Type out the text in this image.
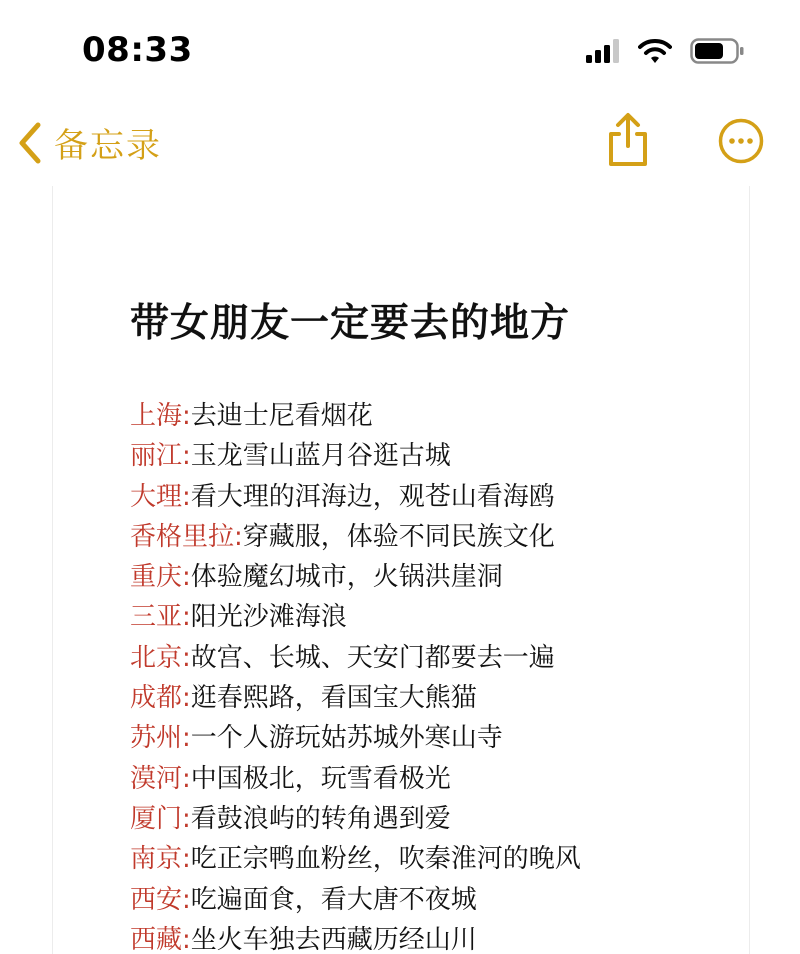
08:33
备忘录
带女朋友一定要去的地方
上海:去迪士尼看烟花
丽江:玉龙雪山蓝月谷逛古城
大理:看大理的洱海边，观苍山看海鸥
香格里拉:穿藏服，体验不同民族文化
重庆:体验魔幻城市，火锅洪崖洞
三亚:阳光沙滩海浪
北京:故宫、长城、天安门都要去一遍
成都:逛春熙路，看国宝大熊猫
苏州:一个人游玩姑苏城外寒山寺
漠河:中国极北，玩雪看极光
厦门:看鼓浪屿的转角遇到爱
南京:吃正宗鸭血粉丝，吹秦淮河的晚风
西安:吃遍面食，看大唐不夜城
西藏:坐火车独去西藏历经山川
